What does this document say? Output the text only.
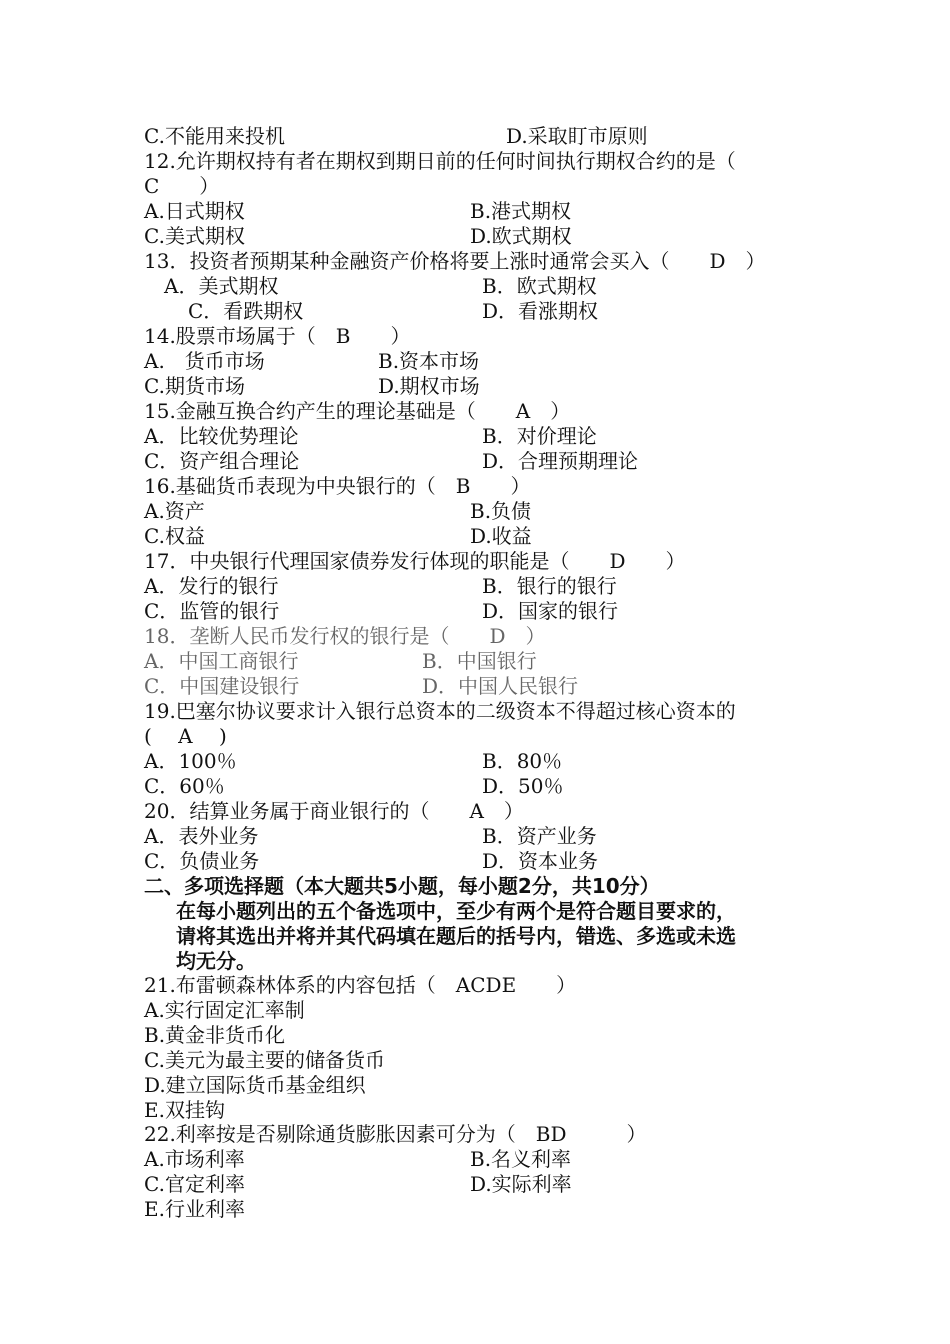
C.不能用来投机

	D.采取盯市原则

12.允许期权持有者在期权到期日前的任何时间执行期权合约的是（
C　　）

A.日式期权

	B.港式期权

C.美式期权

	D.欧式期权

13．投资者预期某种金融资产价格将要上涨时通常会买入（　　D　）

A．美式期权

	B．欧式期权

C．看跌期权

	D．看涨期权

14.股票市场属于（　B　　）

A.　货币市场

	B.资本市场

C.期货市场

	D.期权市场

15.金融互换合约产生的理论基础是（　　A　）

A．比较优势理论

	B．对价理论

C．资产组合理论

	D．合理预期理论

16.基础货币表现为中央银行的（　B　　）

A.资产

	B.负债

C.权益

	D.收益

17．中央银行代理国家债券发行体现的职能是（　　D　　）

A．发行的银行

	B．银行的银行

C．监管的银行

	D．国家的银行

18．垄断人民币发行权的银行是（　　D　）

A．中国工商银行

	B．中国银行

C．中国建设银行

	D．中国人民银行

19.巴塞尔协议要求计入银行总资本的二级资本不得超过核心资本的
(　 A　 )

A．100％

	B．80％

C．60％

	D．50％

20．结算业务属于商业银行的（　　A　）

A．表外业务

	B．资产业务

C．负债业务

	D．资本业务

二、多项选择题（本大题共5小题，每小题2分，共10分）
在每小题列出的五个备选项中，至少有两个是符合题目要求的，
请将其选出并将并其代码填在题后的括号内，错选、多选或未选
均无分。
21.布雷顿森林体系的内容包括（　ACDE　　）
A.实行固定汇率制
B.黄金非货币化
C.美元为最主要的储备货币
D.建立国际货币基金组织
E.双挂钩
22.利率按是否剔除通货膨胀因素可分为（　BD　　　）

A.市场利率

	B.名义利率

C.官定利率

	D.实际利率

E.行业利率
